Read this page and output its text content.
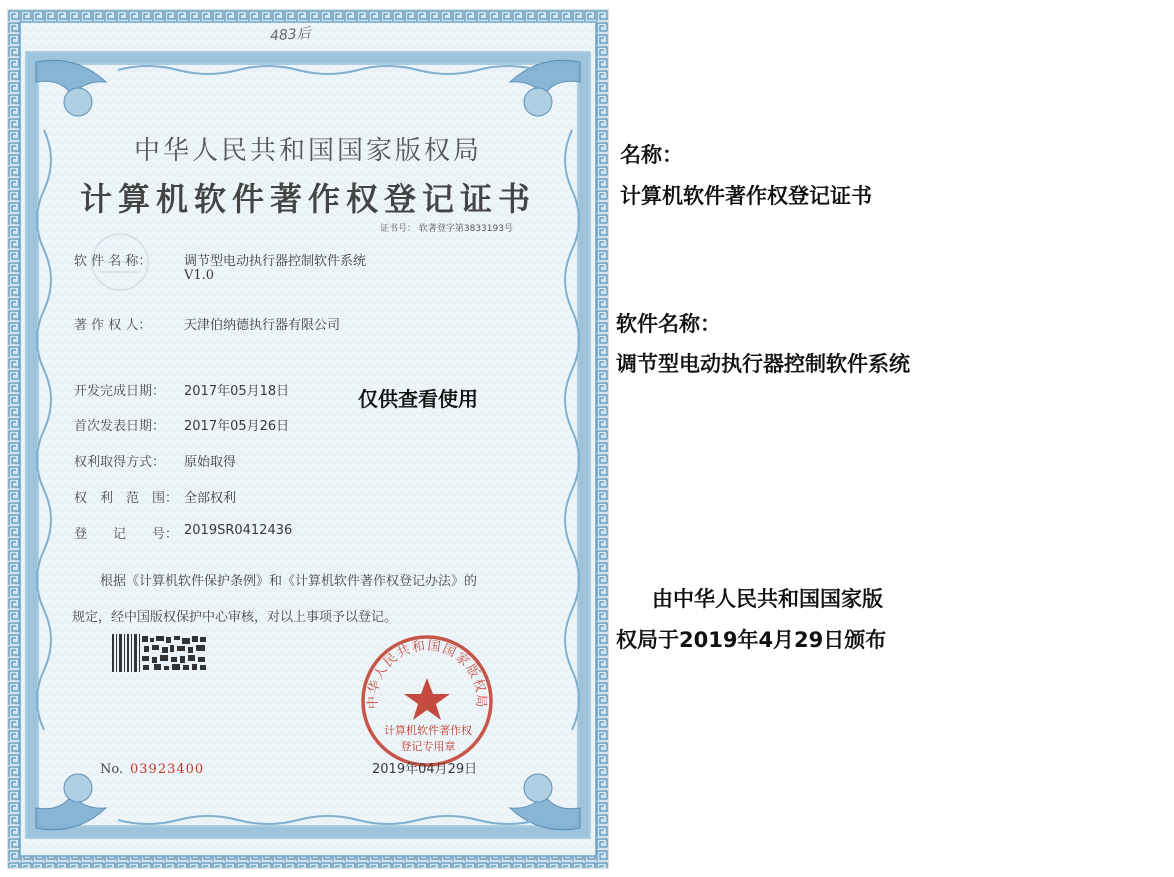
483后
中华人民共和国国家版权局
计算机软件著作权登记证书
证书号： 软著登字第3833193号
软 件 名 称：	调节型电动执行器控制软件系统
V1.0
著 作 权 人：	天津伯纳德执行器有限公司
开发完成日期： 2017年05月18日
首次发表日期： 2017年05月26日
权利取得方式： 原始取得
权　利　范　围： 全部权利
登　　记　　号： 2019SR0412436
根据《计算机软件保护条例》和《计算机软件著作权登记办法》的
规定，经中国版权保护中心审核，对以上事项予以登记。
No. 03923400
中华人民共和国国家版权局
计算机软件著作权
登记专用章
2019年04月29日
仅供查看使用
名称：
计算机软件著作权登记证书
软件名称：
调节型电动执行器控制软件系统
由中华人民共和国国家版
权局于2019年4月29日颁布
